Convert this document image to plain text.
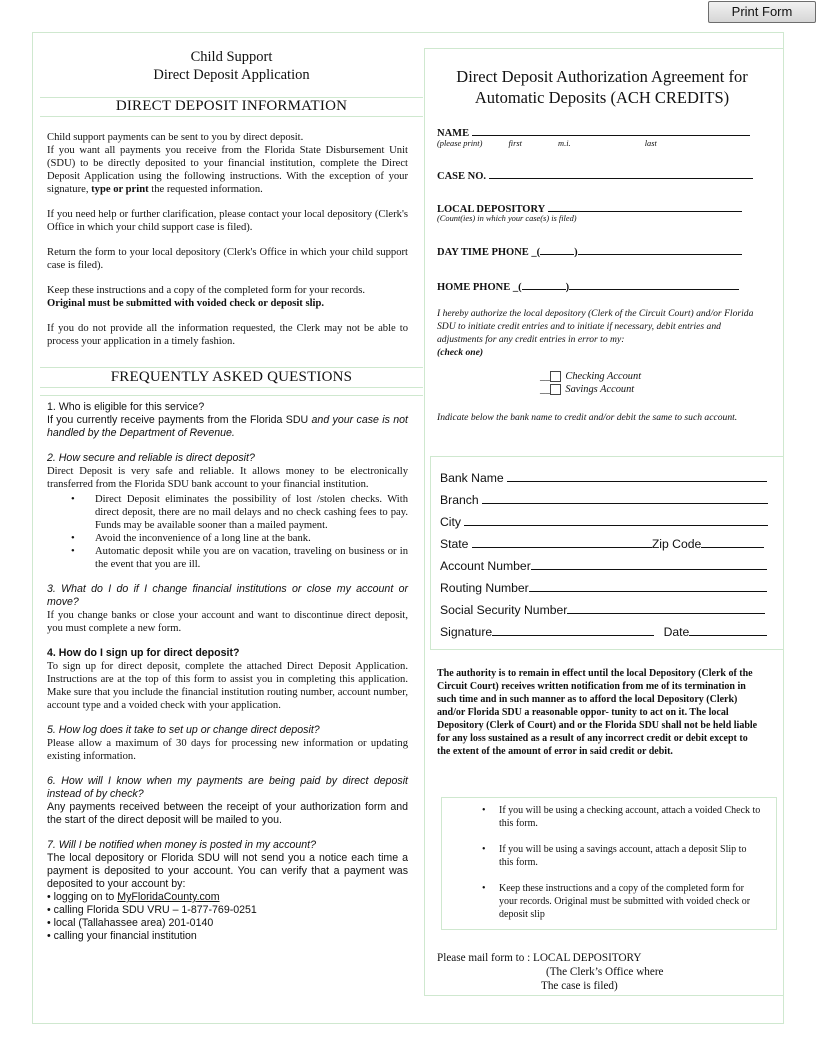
Print Form
Child Support
Direct Deposit Application
DIRECT DEPOSIT INFORMATION

Child support payments can be sent to you by direct deposit.
If you want all payments you receive from the Florida State Disbursement Unit (SDU) to be directly deposited to your financial institution, complete the Direct Deposit Application using the following instructions. With the exception of your signature, type or print the requested information.

If you need help or further clarification, please contact your local depository (Clerk's Office in which your child support case is filed).

Return the form to your local depository (Clerk's Office in which your child support case is filed).

Keep these instructions and a copy of the completed form for your records.
Original must be submitted with voided check or deposit slip.

If you do not provide all the information requested, the Clerk may not be able to process your application in a timely fashion.

FREQUENTLY ASKED QUESTIONS
1. Who is eligible for this service?
If you currently receive payments from the Florida SDU and your case is not handled by the Department of Revenue.
2. How secure and reliable is direct deposit?
Direct Deposit is very safe and reliable. It allows money to be electronically transferred from the Florida SDU bank account to your financial institution.
• Direct Deposit eliminates the possibility of lost /stolen checks. With direct deposit, there are no mail delays and no check cashing fees to pay. Funds may be available sooner than a mailed payment.
• Avoid the inconvenience of a long line at the bank.
• Automatic deposit while you are on vacation, traveling on business or in the event that you are ill.
3. What do I do if I change financial institutions or close my account or move?
If you change banks or close your account and want to discontinue direct deposit, you must complete a new form.
4. How do I sign up for direct deposit?
To sign up for direct deposit, complete the attached Direct Deposit Application. Instructions are at the top of this form to assist you in completing this application. Make sure that you include the financial institution routing number, account number, account type and a voided check with your application.
5. How log does it take to set up or change direct deposit?
Please allow a maximum of 30 days for processing new information or updating existing information.
6. How will I know when my payments are being paid by direct deposit instead of by check?
Any payments received between the receipt of your authorization form and the start of the direct deposit will be mailed to you.
7. Will I be notified when money is posted in my account?
The local depository or Florida SDU will not send you a notice each time a payment is deposited to your account. You can verify that a payment was deposited to your account by:
• logging on to MyFloridaCounty.com
• calling Florida SDU VRU – 1-877-769-0251
• local (Tallahassee area) 201-0140
• calling your financial institution
Direct Deposit Authorization Agreement for
Automatic Deposits (ACH CREDITS)
NAME
(please print)	first	m.i.	last
CASE NO.
LOCAL DEPOSITORY
(Count(ies) in which your case(s) is filed)
DAY TIME PHONE _(	)
HOME PHONE _(	)
I hereby authorize the local depository (Clerk of the Circuit Court) and/or Florida SDU to initiate credit entries and to initiate if necessary, debit entries and adjustments for any credit entries in error to my:
(check one)
__ Checking Account
__ Savings Account
Indicate below the bank name to credit and/or debit the same to such account.
Bank Name
Branch
City
State	Zip Code
Account Number
Routing Number
Social Security Number
Signature	Date
The authority is to remain in effect until the local Depository (Clerk of the Circuit Court) receives written notification from me of its termination in such time and in such manner as to afford the local Depository (Clerk) and/or Florida SDU a reasonable oppor- tunity to act on it. The local Depository (Clerk of Court) and or the Florida SDU shall not be held liable for any loss sustained as a result of any incorrect credit or debit except to the extent of the amount of error in said credit or debit.
• If you will be using a checking account, attach a voided Check to this form.
• If you will be using a savings account, attach a deposit Slip to this form.
• Keep these instructions and a copy of the completed form for your records. Original must be submitted with voided check or deposit slip
Please mail form to : LOCAL DEPOSITORY
(The Clerk’s Office where
The case is filed)
